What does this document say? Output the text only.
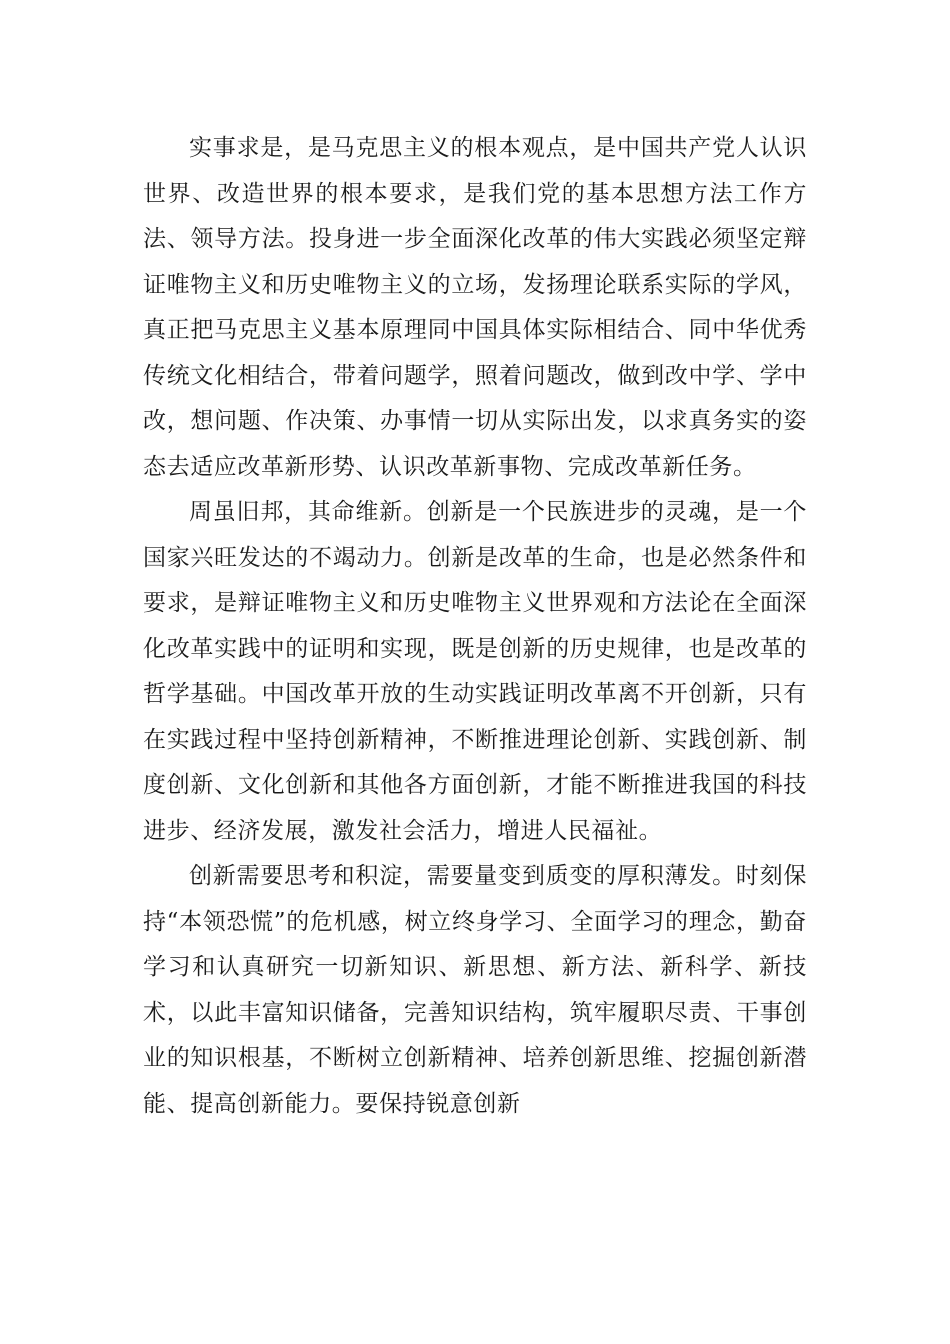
实事求是，是马克思主义的根本观点，是中国共产党人认识世界、改造世界的根本要求，是我们党的基本思想方法工作方法、领导方法。投身进一步全面深化改革的伟大实践必须坚定辩证唯物主义和历史唯物主义的立场，发扬理论联系实际的学风，真正把马克思主义基本原理同中国具体实际相结合、同中华优秀传统文化相结合，带着问题学，照着问题改，做到改中学、学中改，想问题、作决策、办事情一切从实际出发，以求真务实的姿态去适应改革新形势、认识改革新事物、完成改革新任务。

周虽旧邦，其命维新。创新是一个民族进步的灵魂，是一个国家兴旺发达的不竭动力。创新是改革的生命，也是必然条件和要求，是辩证唯物主义和历史唯物主义世界观和方法论在全面深化改革实践中的证明和实现，既是创新的历史规律，也是改革的哲学基础。中国改革开放的生动实践证明改革离不开创新，只有在实践过程中坚持创新精神，不断推进理论创新、实践创新、制度创新、文化创新和其他各方面创新，才能不断推进我国的科技进步、经济发展，激发社会活力，增进人民福祉。

创新需要思考和积淀，需要量变到质变的厚积薄发。时刻保持“本领恐慌”的危机感，树立终身学习、全面学习的理念，勤奋学习和认真研究一切新知识、新思想、新方法、新科学、新技术，以此丰富知识储备，完善知识结构，筑牢履职尽责、干事创业的知识根基，不断树立创新精神、培养创新思维、挖掘创新潜能、提高创新能力。要保持锐意创新
